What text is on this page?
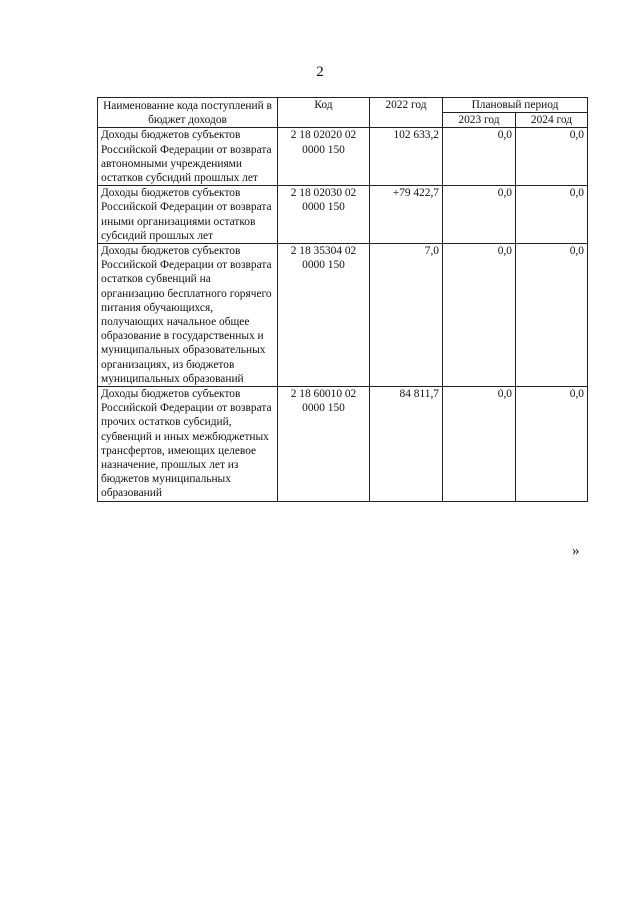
2
Наименование кода поступлений в бюджет доходов	Код	2022 год	Плановый период	
			2023 год	2024 год
Доходы бюджетов субъектов Российской Федерации от возврата автономными учреждениями остатков субсидий прошлых лет	2 18 02020 02 0000 150	102 633,2	0,0	0,0
Доходы бюджетов субъектов Российской Федерации от возврата иными организациями остатков субсидий прошлых лет	2 18 02030 02 0000 150	+79 422,7	0,0	0,0
Доходы бюджетов субъектов Российской Федерации от возврата остатков субвенций на организацию бесплатного горячего питания обучающихся, получающих начальное общее образование в государственных и муниципальных образовательных организациях, из бюджетов муниципальных образований	2 18 35304 02 0000 150	7,0	0,0	0,0
Доходы бюджетов субъектов Российской Федерации от возврата прочих остатков субсидий, субвенций и иных межбюджетных трансфертов, имеющих целевое назначение, прошлых лет из бюджетов муниципальных образований	2 18 60010 02 0000 150	84 811,7	0,0	0,0
»
